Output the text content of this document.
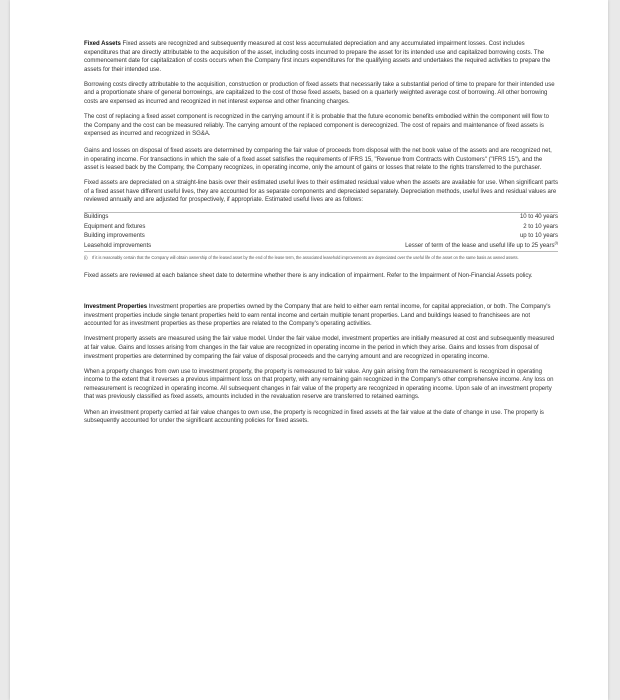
Fixed Assets Fixed assets are recognized and subsequently measured at cost less accumulated depreciation and any accumulated impairment losses. Cost includes expenditures that are directly attributable to the acquisition of the asset, including costs incurred to prepare the asset for its intended use and capitalized borrowing costs. The commencement date for capitalization of costs occurs when the Company first incurs expenditures for the qualifying assets and undertakes the required activities to prepare the assets for their intended use.

Borrowing costs directly attributable to the acquisition, construction or production of fixed assets that necessarily take a substantial period of time to prepare for their intended use and a proportionate share of general borrowings, are capitalized to the cost of those fixed assets, based on a quarterly weighted average cost of borrowing. All other borrowing costs are expensed as incurred and recognized in net interest expense and other financing charges.

The cost of replacing a fixed asset component is recognized in the carrying amount if it is probable that the future economic benefits embodied within the component will flow to the Company and the cost can be measured reliably. The carrying amount of the replaced component is derecognized. The cost of repairs and maintenance of fixed assets is expensed as incurred and recognized in SG&A.

Gains and losses on disposal of fixed assets are determined by comparing the fair value of proceeds from disposal with the net book value of the assets and are recognized net, in operating income. For transactions in which the sale of a fixed asset satisfies the requirements of IFRS 15, "Revenue from Contracts with Customers" ("IFRS 15"), and the asset is leased back by the Company, the Company recognizes, in operating income, only the amount of gains or losses that relate to the rights transferred to the purchaser.

Fixed assets are depreciated on a straight-line basis over their estimated useful lives to their estimated residual value when the assets are available for use. When significant parts of a fixed asset have different useful lives, they are accounted for as separate components and depreciated separately. Depreciation methods, useful lives and residual values are reviewed annually and are adjusted for prospectively, if appropriate. Estimated useful lives are as follows:

Buildings	10 to 40 years
Equipment and fixtures	2 to 10 years
Building improvements	up to 10 years
Leasehold improvements	Lesser of term of the lease and useful life up to 25 years$^{(i)}$
(i) If it is reasonably certain that the Company will obtain ownership of the leased asset by the end of the lease term, the associated leasehold improvements are depreciated over the useful life of the asset on the same basis as owned assets.

Fixed assets are reviewed at each balance sheet date to determine whether there is any indication of impairment. Refer to the Impairment of Non-Financial Assets policy.

Investment Properties Investment properties are properties owned by the Company that are held to either earn rental income, for capital appreciation, or both. The Company's investment properties include single tenant properties held to earn rental income and certain multiple tenant properties. Land and buildings leased to franchisees are not accounted for as investment properties as these properties are related to the Company's operating activities.

Investment property assets are measured using the fair value model. Under the fair value model, investment properties are initially measured at cost and subsequently measured at fair value. Gains and losses arising from changes in the fair value are recognized in operating income in the period in which they arise. Gains and losses from disposal of investment properties are determined by comparing the fair value of disposal proceeds and the carrying amount and are recognized in operating income.

When a property changes from own use to investment property, the property is remeasured to fair value. Any gain arising from the remeasurement is recognized in operating income to the extent that it reverses a previous impairment loss on that property, with any remaining gain recognized in the Company's other comprehensive income. Any loss on remeasurement is recognized in operating income. All subsequent changes in fair value of the property are recognized in operating income. Upon sale of an investment property that was previously classified as fixed assets, amounts included in the revaluation reserve are transferred to retained earnings.

When an investment property carried at fair value changes to own use, the property is recognized in fixed assets at the fair value at the date of change in use. The property is subsequently accounted for under the significant accounting policies for fixed assets.
